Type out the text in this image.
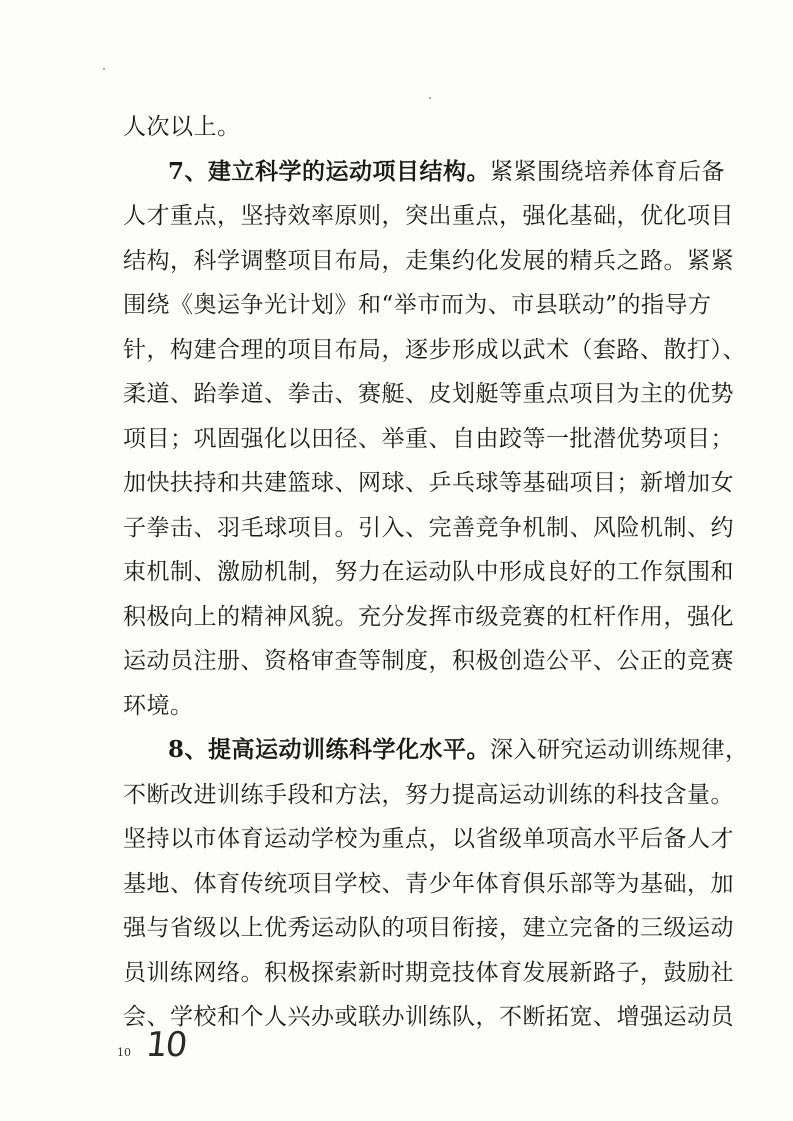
人次以上。
7、建立科学的运动项目结构。紧紧围绕培养体育后备
人才重点，坚持效率原则，突出重点，强化基础，优化项目
结构，科学调整项目布局，走集约化发展的精兵之路。紧紧
围绕《奥运争光计划》和“举市而为、市县联动”的指导方
针，构建合理的项目布局，逐步形成以武术（套路、散打）、
柔道、跆拳道、拳击、赛艇、皮划艇等重点项目为主的优势
项目；巩固强化以田径、举重、自由跤等一批潜优势项目；
加快扶持和共建篮球、网球、乒乓球等基础项目；新增加女
子拳击、羽毛球项目。引入、完善竞争机制、风险机制、约
束机制、激励机制，努力在运动队中形成良好的工作氛围和
积极向上的精神风貌。充分发挥市级竞赛的杠杆作用，强化
运动员注册、资格审查等制度，积极创造公平、公正的竞赛
环境。
8、提高运动训练科学化水平。深入研究运动训练规律，
不断改进训练手段和方法，努力提高运动训练的科技含量。
坚持以市体育运动学校为重点，以省级单项高水平后备人才
基地、体育传统项目学校、青少年体育俱乐部等为基础，加
强与省级以上优秀运动队的项目衔接，建立完备的三级运动
员训练网络。积极探索新时期竞技体育发展新路子，鼓励社
会、学校和个人兴办或联办训练队，不断拓宽、增强运动员
10 10
